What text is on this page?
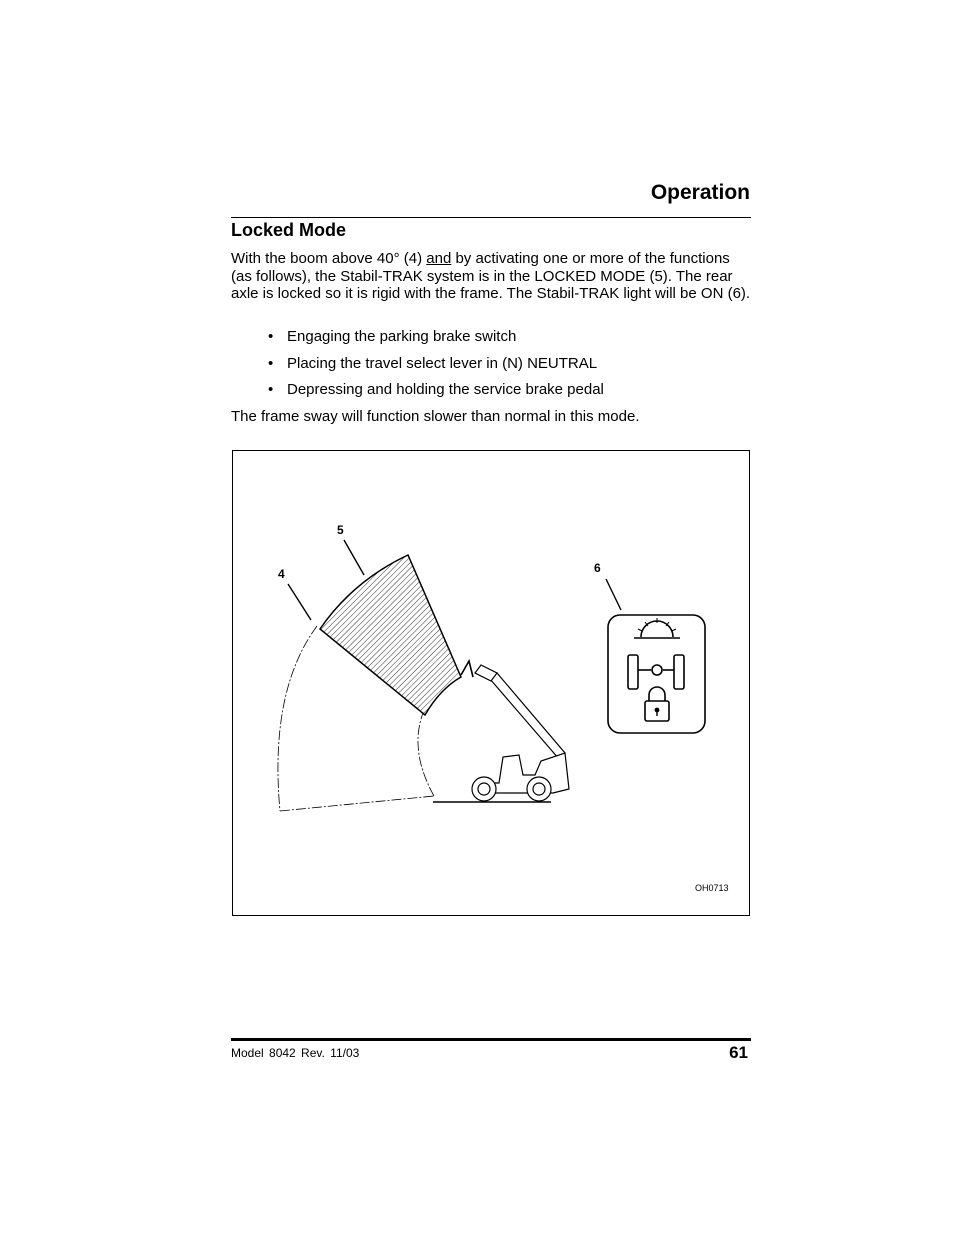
Operation
Locked Mode

With the boom above 40° (4) and by activating one or more of the functions (as follows), the Stabil-TRAK system is in the LOCKED MODE (5). The rear axle is locked so it is rigid with the frame. The Stabil-TRAK light will be ON (6).

• Engaging the parking brake switch
• Placing the travel select lever in (N) NEUTRAL
• Depressing and holding the service brake pedal

The frame sway will function slower than normal in this mode.

4
5
6
OH0713
Model 8042 Rev. 11/03	61
